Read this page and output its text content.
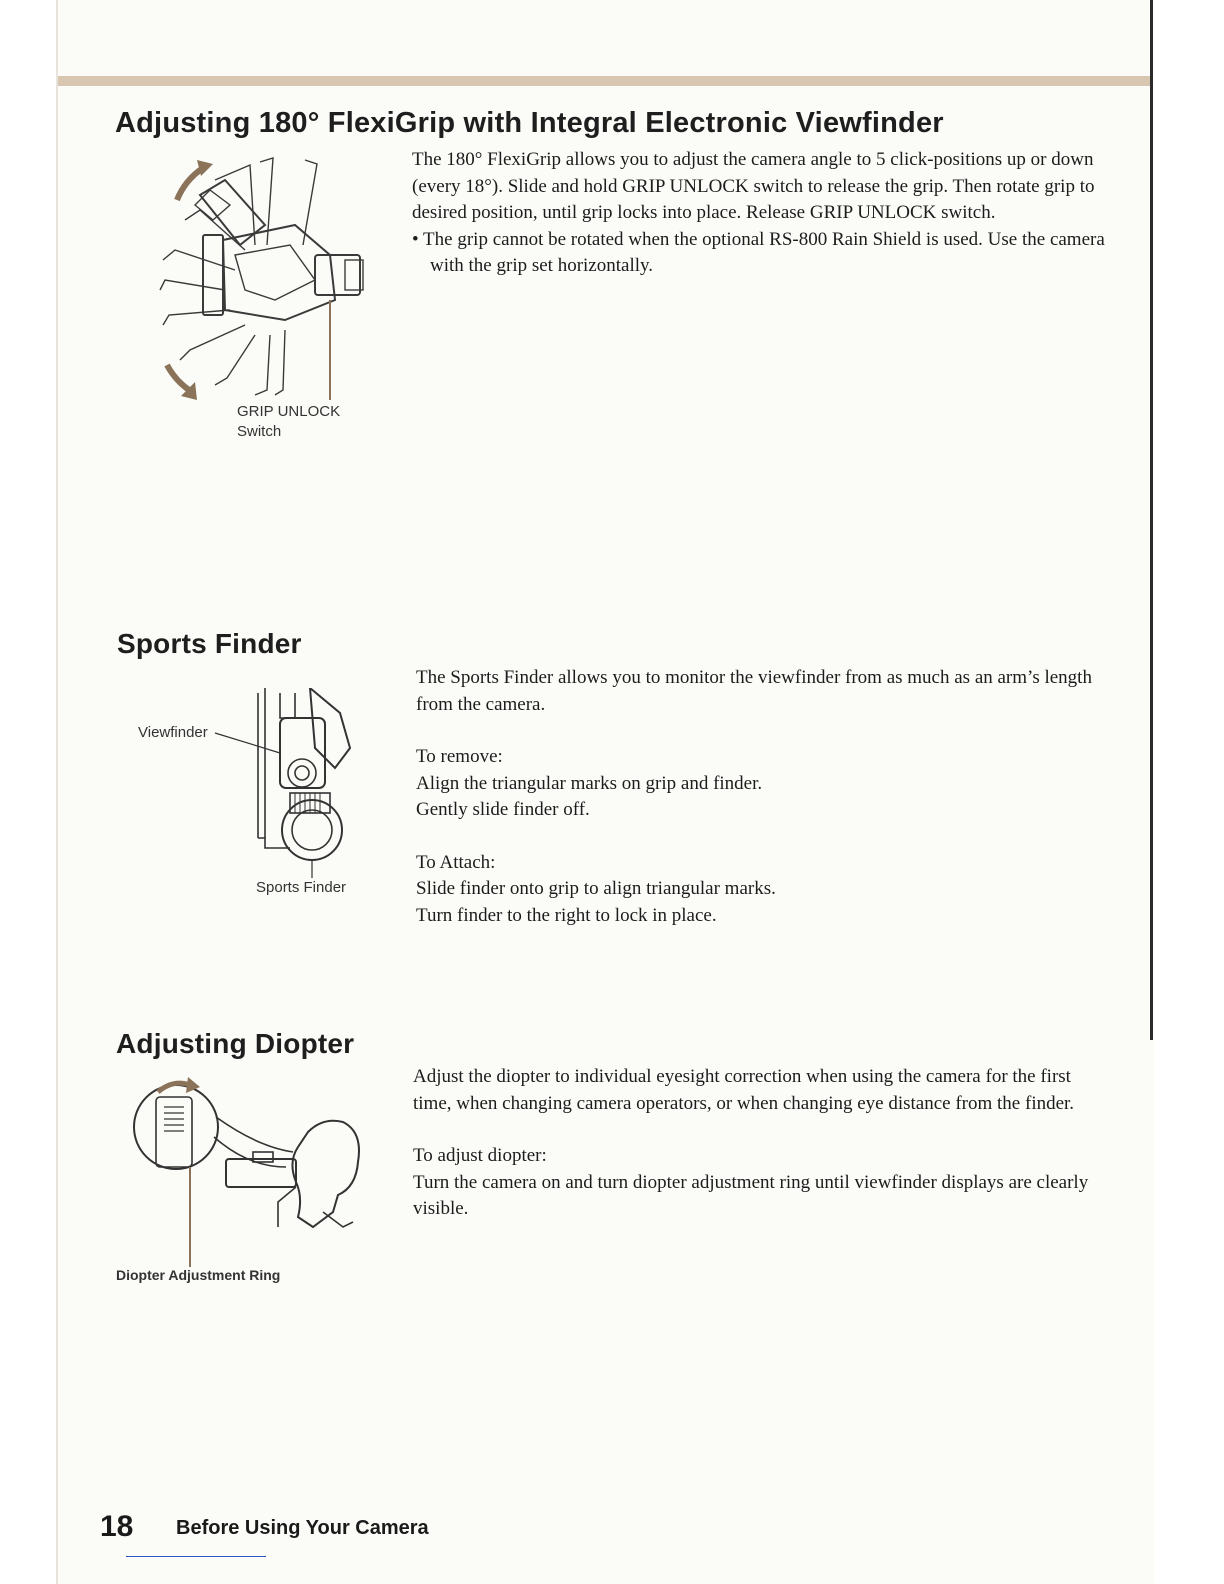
Adjusting 180° FlexiGrip with Integral Electronic Viewfinder
GRIP UNLOCK
Switch

The 180° FlexiGrip allows you to adjust the camera angle to 5 click-positions up or down (every 18°). Slide and hold GRIP UNLOCK switch to release the grip. Then rotate grip to desired position, until grip locks into place. Release GRIP UNLOCK switch.

• The grip cannot be rotated when the optional RS-800 Rain Shield is used. Use the camera with the grip set horizontally.

Sports Finder
Viewfinder
Sports Finder

The Sports Finder allows you to monitor the viewfinder from as much as an arm’s length from the camera.

To remove:

Align the triangular marks on grip and finder.

Gently slide finder off.

To Attach:

Slide finder onto grip to align triangular marks.

Turn finder to the right to lock in place.

Adjusting Diopter
Diopter Adjustment Ring

Adjust the diopter to individual eyesight correction when using the camera for the first time, when changing camera operators, or when changing eye distance from the finder.

To adjust diopter:

Turn the camera on and turn diopter adjustment ring until viewfinder displays are clearly visible.

18 Before Using Your Camera
